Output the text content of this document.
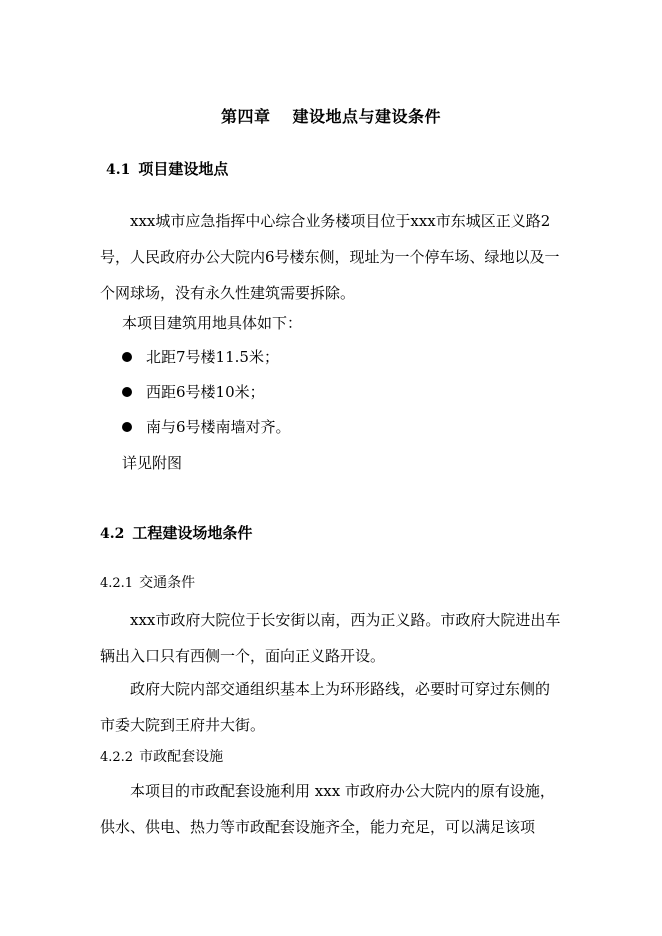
第四章 建设地点与建设条件
4.1 项目建设地点
xxx城市应急指挥中心综合业务楼项目位于xxx市东城区正义路2号，人民政府办公大院内6号楼东侧，现址为一个停车场、绿地以及一个网球场，没有永久性建筑需要拆除。
本项目建筑用地具体如下：
北距7号楼11.5米；
西距6号楼10米；
南与6号楼南墙对齐。
详见附图
4.2 工程建设场地条件
4.2.1 交通条件
xxx市政府大院位于长安街以南，西为正义路。市政府大院进出车辆出入口只有西侧一个，面向正义路开设。
政府大院内部交通组织基本上为环形路线，必要时可穿过东侧的市委大院到王府井大街。
4.2.2 市政配套设施
本项目的市政配套设施利用 xxx 市政府办公大院内的原有设施，供水、供电、热力等市政配套设施齐全，能力充足，可以满足该项
